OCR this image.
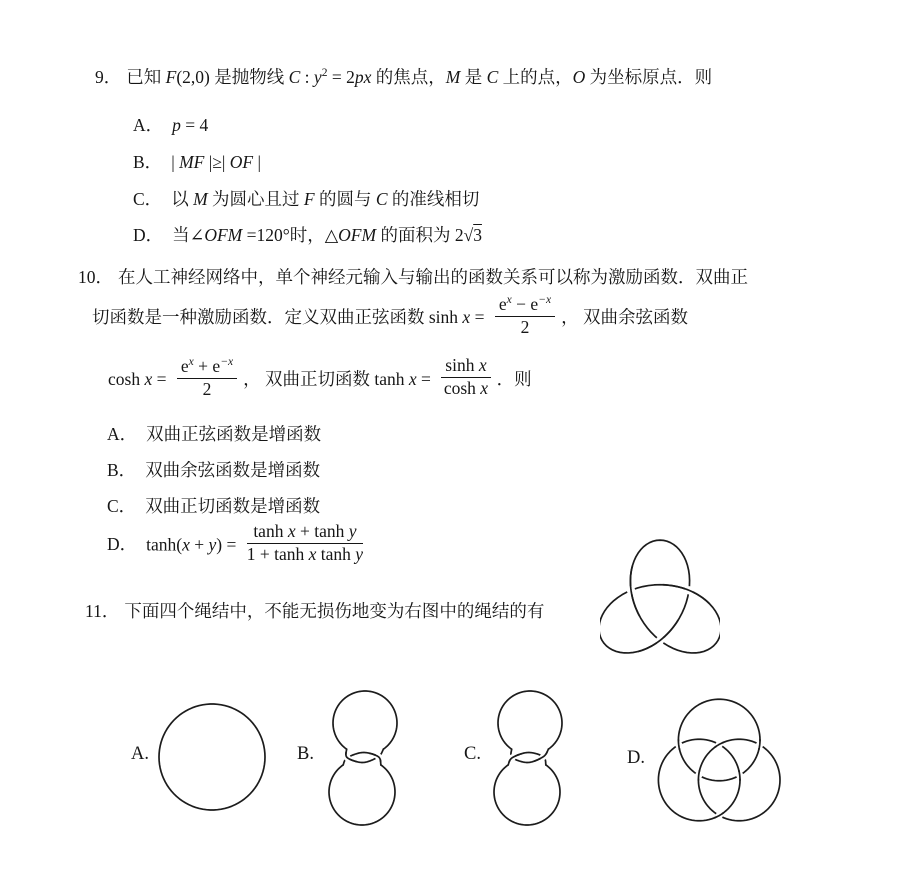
9． 已知 F(2,0) 是抛物线 C : $y^2 = 2px$ 的焦点，M 是 C 上的点，O 为坐标原点．则
A． p = 4
B． | MF |≥| OF |
C． 以 M 为圆心且过 F 的圆与 C 的准线相切
D． 当∠OFM =120°时，△OFM 的面积为 2√3
10． 在人工神经网络中，单个神经元输入与输出的函数关系可以称为激励函数．双曲正
切函数是一种激励函数．定义双曲正弦函数 $\sinh x = \frac{e^x - e^{-x}}{2}$ ， 双曲余弦函数
$\cosh x = \frac{e^x + e^{-x}}{2}$ ， 双曲正切函数 $\tanh x = \frac{\text{sinh x}}{\text{cosh x}}$ ．则
A． 双曲正弦函数是增函数
B． 双曲余弦函数是增函数
C． 双曲正切函数是增函数
D． $\tanh(x + y) = \frac{\text{tanh x + tanh y}}{\text{1 + tanh x tanh y}}$
11． 下面四个绳结中，不能无损伤地变为右图中的绳结的有
A.	B.	C.	D.
